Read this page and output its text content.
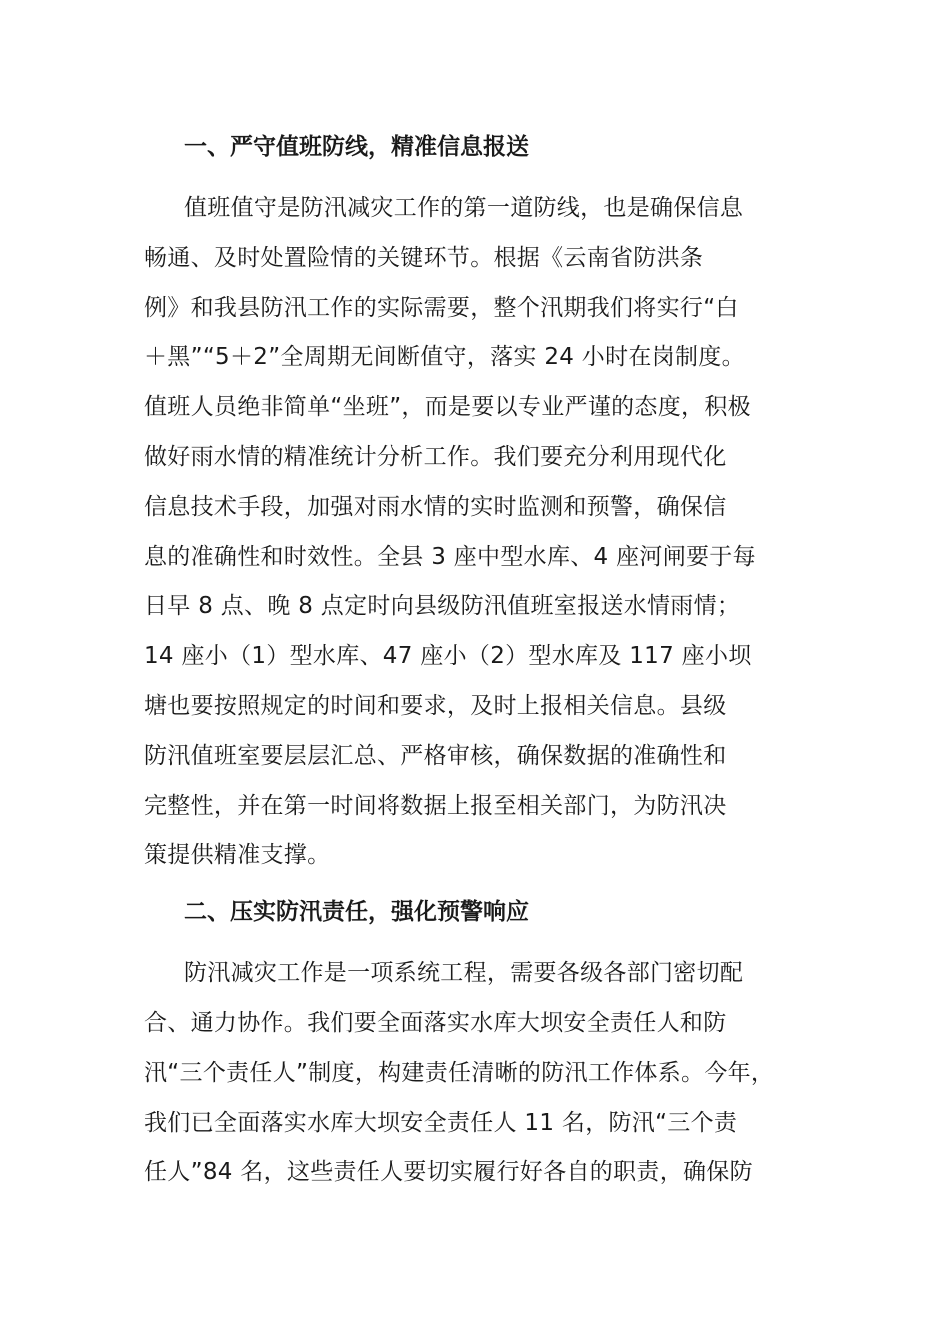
一、严守值班防线，精准信息报送
值班值守是防汛减灾工作的第一道防线，也是确保信息
畅通、及时处置险情的关键环节。根据《云南省防洪条
例》和我县防汛工作的实际需要，整个汛期我们将实行“白
＋黑”“5＋2”全周期无间断值守，落实 24 小时在岗制度。
值班人员绝非简单“坐班”，而是要以专业严谨的态度，积极
做好雨水情的精准统计分析工作。我们要充分利用现代化
信息技术手段，加强对雨水情的实时监测和预警，确保信
息的准确性和时效性。全县 3 座中型水库、4 座河闸要于每
日早 8 点、晚 8 点定时向县级防汛值班室报送水情雨情；
14 座小（1）型水库、47 座小（2）型水库及 117 座小坝
塘也要按照规定的时间和要求，及时上报相关信息。县级
防汛值班室要层层汇总、严格审核，确保数据的准确性和
完整性，并在第一时间将数据上报至相关部门，为防汛决
策提供精准支撑。
二、压实防汛责任，强化预警响应
防汛减灾工作是一项系统工程，需要各级各部门密切配
合、通力协作。我们要全面落实水库大坝安全责任人和防
汛“三个责任人”制度，构建责任清晰的防汛工作体系。今年，
我们已全面落实水库大坝安全责任人 11 名，防汛“三个责
任人”84 名，这些责任人要切实履行好各自的职责，确保防
